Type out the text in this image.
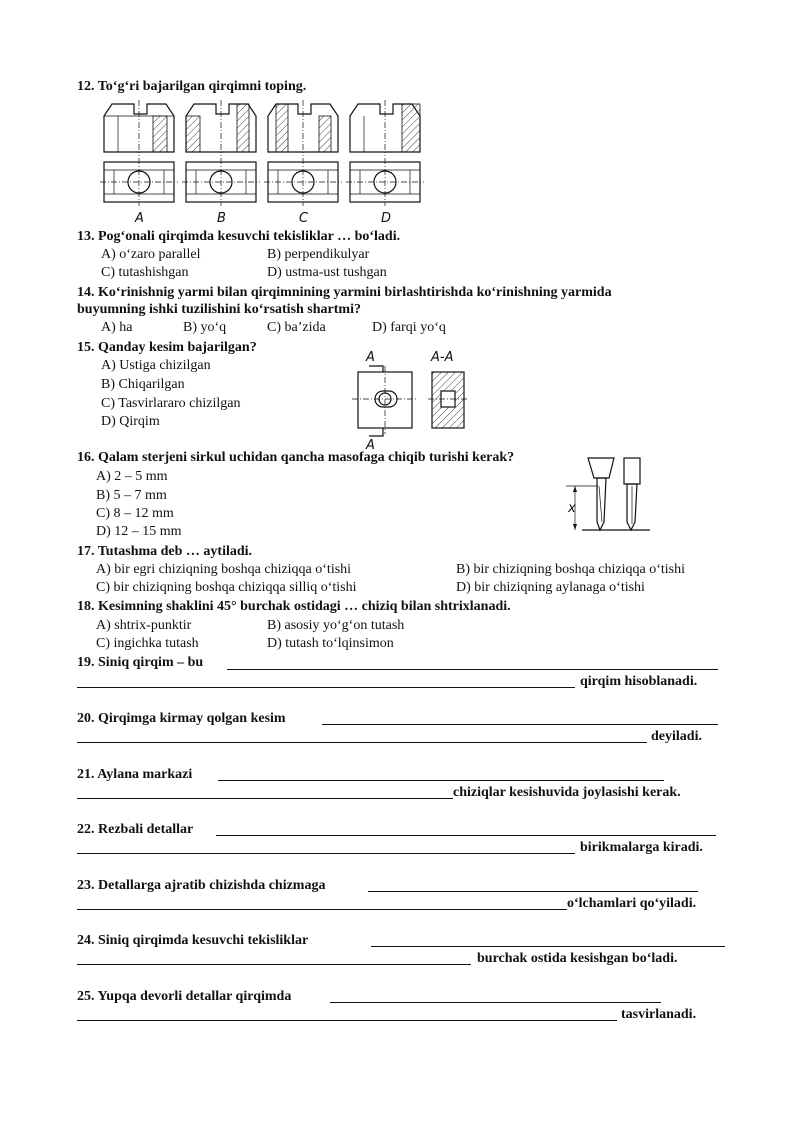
12. To‘g‘ri bajarilgan qirqimni toping.
A	B	C	D
13. Pog‘onali qirqimda kesuvchi tekisliklar … bo‘ladi.
A) o‘zaro parallel	B) perpendikulyar
C) tutashishgan	D) ustma-ust tushgan
14. Ko‘rinishnig yarmi bilan qirqimnining yarmini birlashtirishda ko‘rinishning yarmida
buyumning ishki tuzilishini ko‘rsatish shartmi?
A) ha	B) yo‘q	C) ba’zida	D) farqi yo‘q
15. Qanday kesim bajarilgan?
A) Ustiga chizilgan
B) Chiqarilgan
C) Tasvirlararo chizilgan
D) Qirqim
A
A
A-A
16. Qalam sterjeni sirkul uchidan qancha masofaga chiqib turishi kerak?
A) 2 – 5 mm
B) 5 – 7 mm
C) 8 – 12 mm
D) 12 – 15 mm
x
17. Tutashma deb … aytiladi.
A) bir egri chiziqning boshqa chiziqqa o‘tishi	B) bir chiziqning boshqa chiziqqa o‘tishi
C) bir chiziqning boshqa chiziqqa silliq o‘tishi	D) bir chiziqning aylanaga o‘tishi
18. Kesimning shaklini 45° burchak ostidagi … chiziq bilan shtrixlanadi.
A) shtrix-punktir	B) asosiy yo‘g‘on tutash
C) ingichka tutash	D) tutash to‘lqinsimon
19. Siniq qirqim – bu
qirqim hisoblanadi.
20. Qirqimga kirmay qolgan kesim
deyiladi.
21. Aylana markazi
chiziqlar kesishuvida joylasishi kerak.
22. Rezbali detallar
birikmalarga kiradi.
23. Detallarga ajratib chizishda chizmaga
o‘lchamlari qo‘yiladi.
24. Siniq qirqimda kesuvchi tekisliklar
burchak ostida kesishgan bo‘ladi.
25. Yupqa devorli detallar qirqimda
tasvirlanadi.
